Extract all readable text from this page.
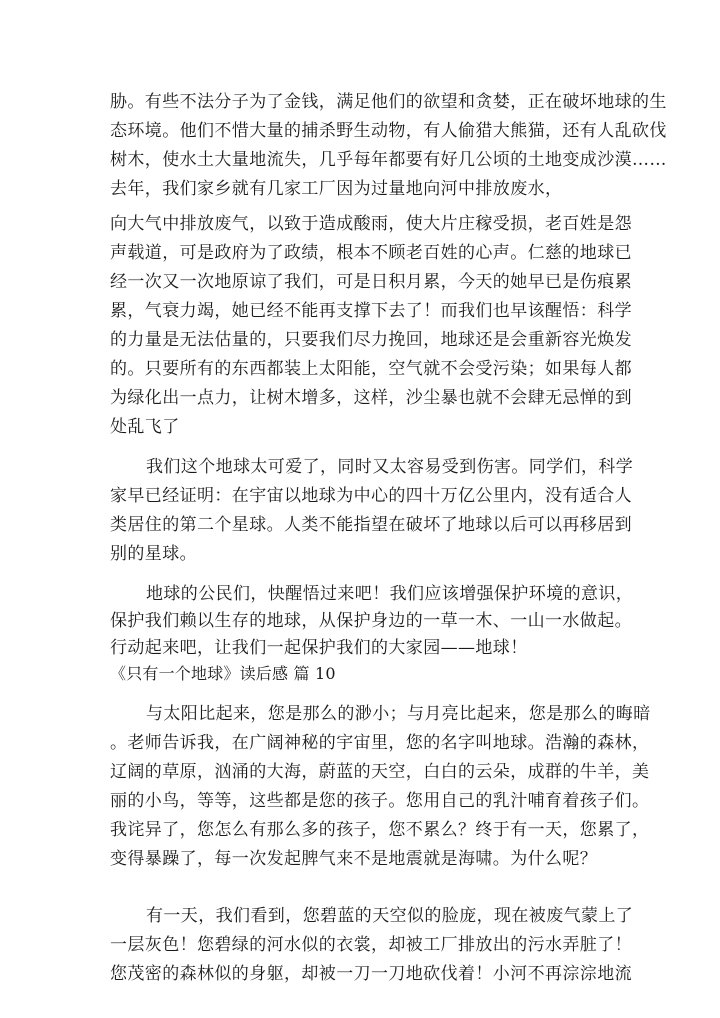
胁。有些不法分子为了金钱，满足他们的欲望和贪婪，正在破坏地球的生
态环境。他们不惜大量的捕杀野生动物，有人偷猎大熊猫，还有人乱砍伐
树木，使水土大量地流失，几乎每年都要有好几公顷的土地变成沙漠……
去年，我们家乡就有几家工厂因为过量地向河中排放废水，
向大气中排放废气，以致于造成酸雨，使大片庄稼受损，老百姓是怨
声载道，可是政府为了政绩，根本不顾老百姓的心声。仁慈的地球已
经一次又一次地原谅了我们，可是日积月累，今天的她早已是伤痕累
累，气衰力竭，她已经不能再支撑下去了！而我们也早该醒悟：科学
的力量是无法估量的，只要我们尽力挽回，地球还是会重新容光焕发
的。只要所有的东西都装上太阳能，空气就不会受污染；如果每人都
为绿化出一点力，让树木增多，这样，沙尘暴也就不会肆无忌惮的到
处乱飞了
我们这个地球太可爱了，同时又太容易受到伤害。同学们，科学
家早已经证明：在宇宙以地球为中心的四十万亿公里内，没有适合人
类居住的第二个星球。人类不能指望在破坏了地球以后可以再移居到
别的星球。
地球的公民们，快醒悟过来吧！我们应该增强保护环境的意识，
保护我们赖以生存的地球，从保护身边的一草一木、一山一水做起。
行动起来吧，让我们一起保护我们的大家园——地球！
《只有一个地球》读后感 篇 10
与太阳比起来，您是那么的渺小；与月亮比起来，您是那么的晦暗
。老师告诉我，在广阔神秘的宇宙里，您的名字叫地球。浩瀚的森林，
辽阔的草原，汹涌的大海，蔚蓝的天空，白白的云朵，成群的牛羊，美
丽的小鸟，等等，这些都是您的孩子。您用自己的乳汁哺育着孩子们。
我诧异了，您怎么有那么多的孩子，您不累么？终于有一天，您累了，
变得暴躁了，每一次发起脾气来不是地震就是海啸。为什么呢？
有一天，我们看到，您碧蓝的天空似的脸庞，现在被废气蒙上了
一层灰色！您碧绿的河水似的衣裳，却被工厂排放出的污水弄脏了！
您茂密的森林似的身躯，却被一刀一刀地砍伐着！小河不再淙淙地流
